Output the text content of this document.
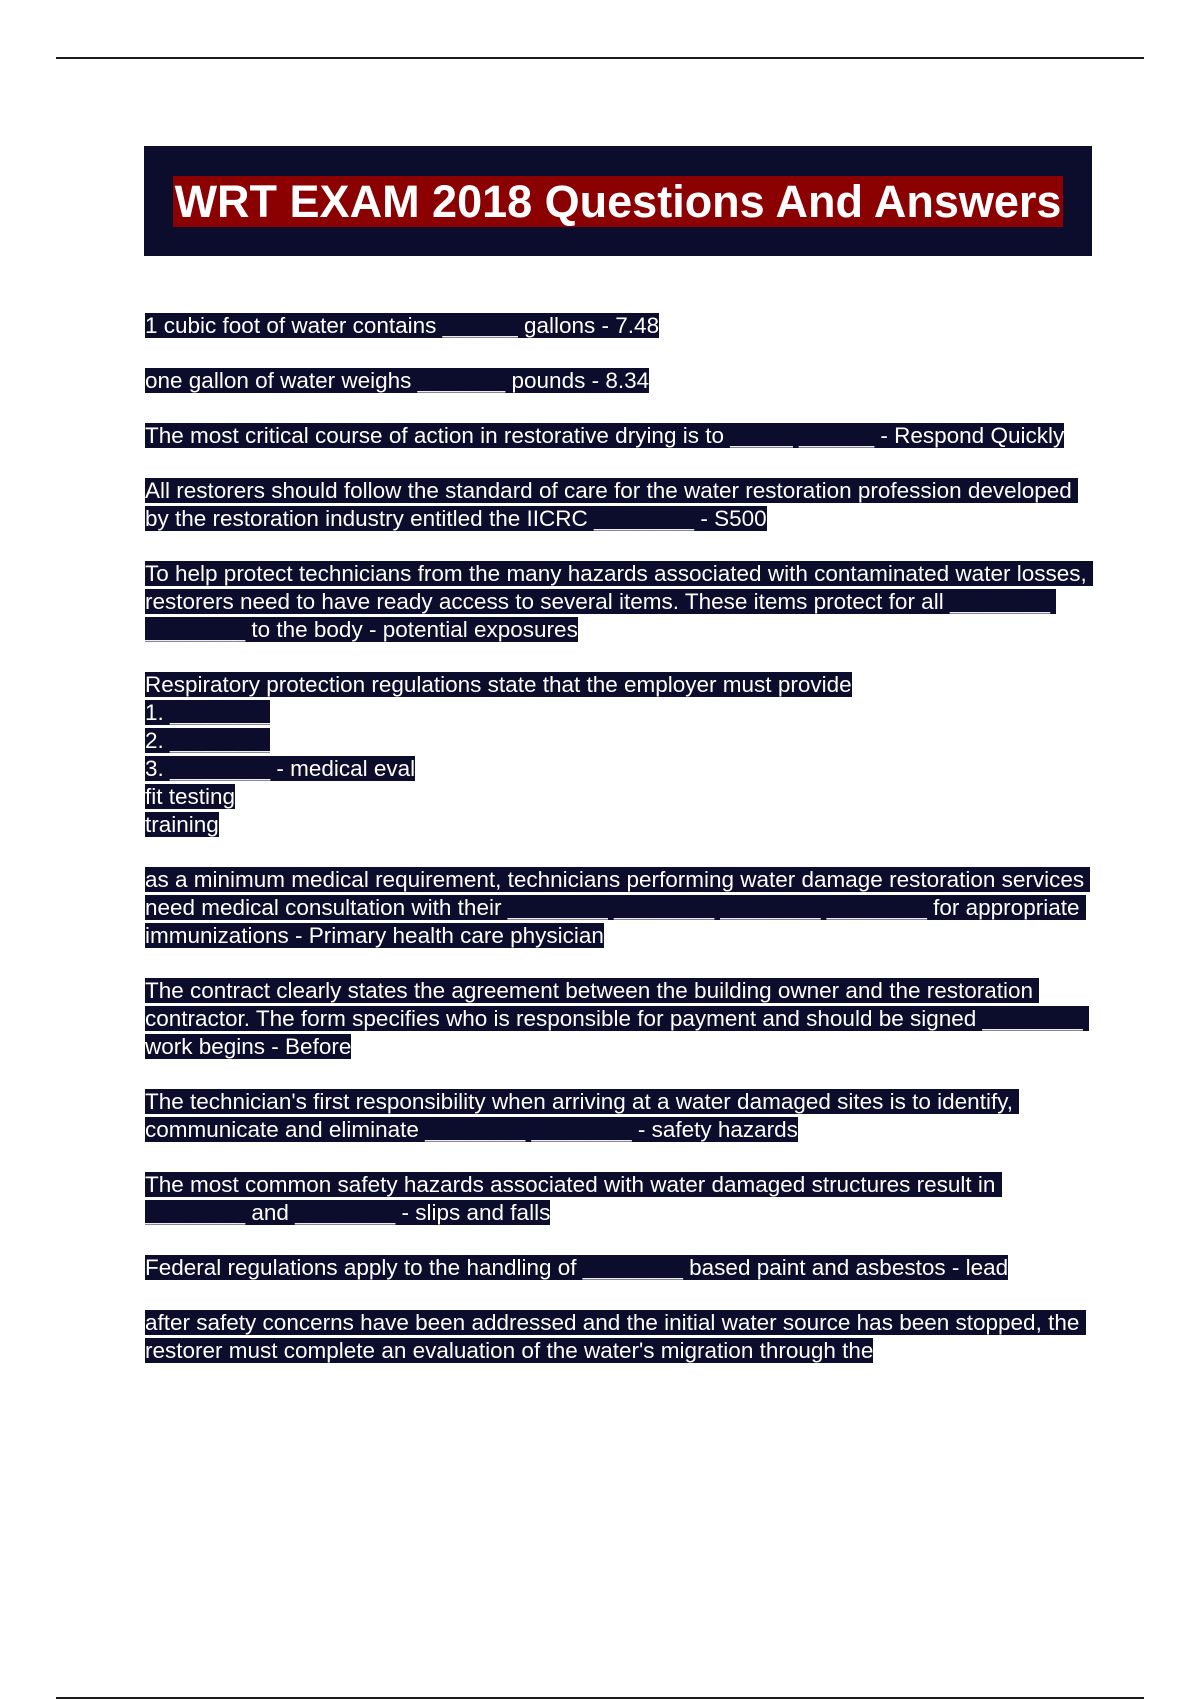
WRT EXAM 2018 Questions And Answers

1 cubic foot of water contains ______ gallons - 7.48

one gallon of water weighs _______ pounds - 8.34

The most critical course of action in restorative drying is to _____ ______ - Respond Quickly

All restorers should follow the standard of care for the water restoration profession developed by the restoration industry entitled the IICRC ________ - S500

To help protect technicians from the many hazards associated with contaminated water losses, restorers need to have ready access to several items. These items protect for all ________ ________ to the body - potential exposures

Respiratory protection regulations state that the employer must provide
1. ________
2. ________
3. ________ - medical eval
fit testing
training

as a minimum medical requirement, technicians performing water damage restoration services need medical consultation with their ________ ________ ________ ________ for appropriate immunizations - Primary health care physician

The contract clearly states the agreement between the building owner and the restoration contractor. The form specifies who is responsible for payment and should be signed ________ work begins - Before

The technician's first responsibility when arriving at a water damaged sites is to identify, communicate and eliminate ________ ________ - safety hazards

The most common safety hazards associated with water damaged structures result in ________ and ________ - slips and falls

Federal regulations apply to the handling of ________ based paint and asbestos - lead

after safety concerns have been addressed and the initial water source has been stopped, the restorer must complete an evaluation of the water's migration through the
